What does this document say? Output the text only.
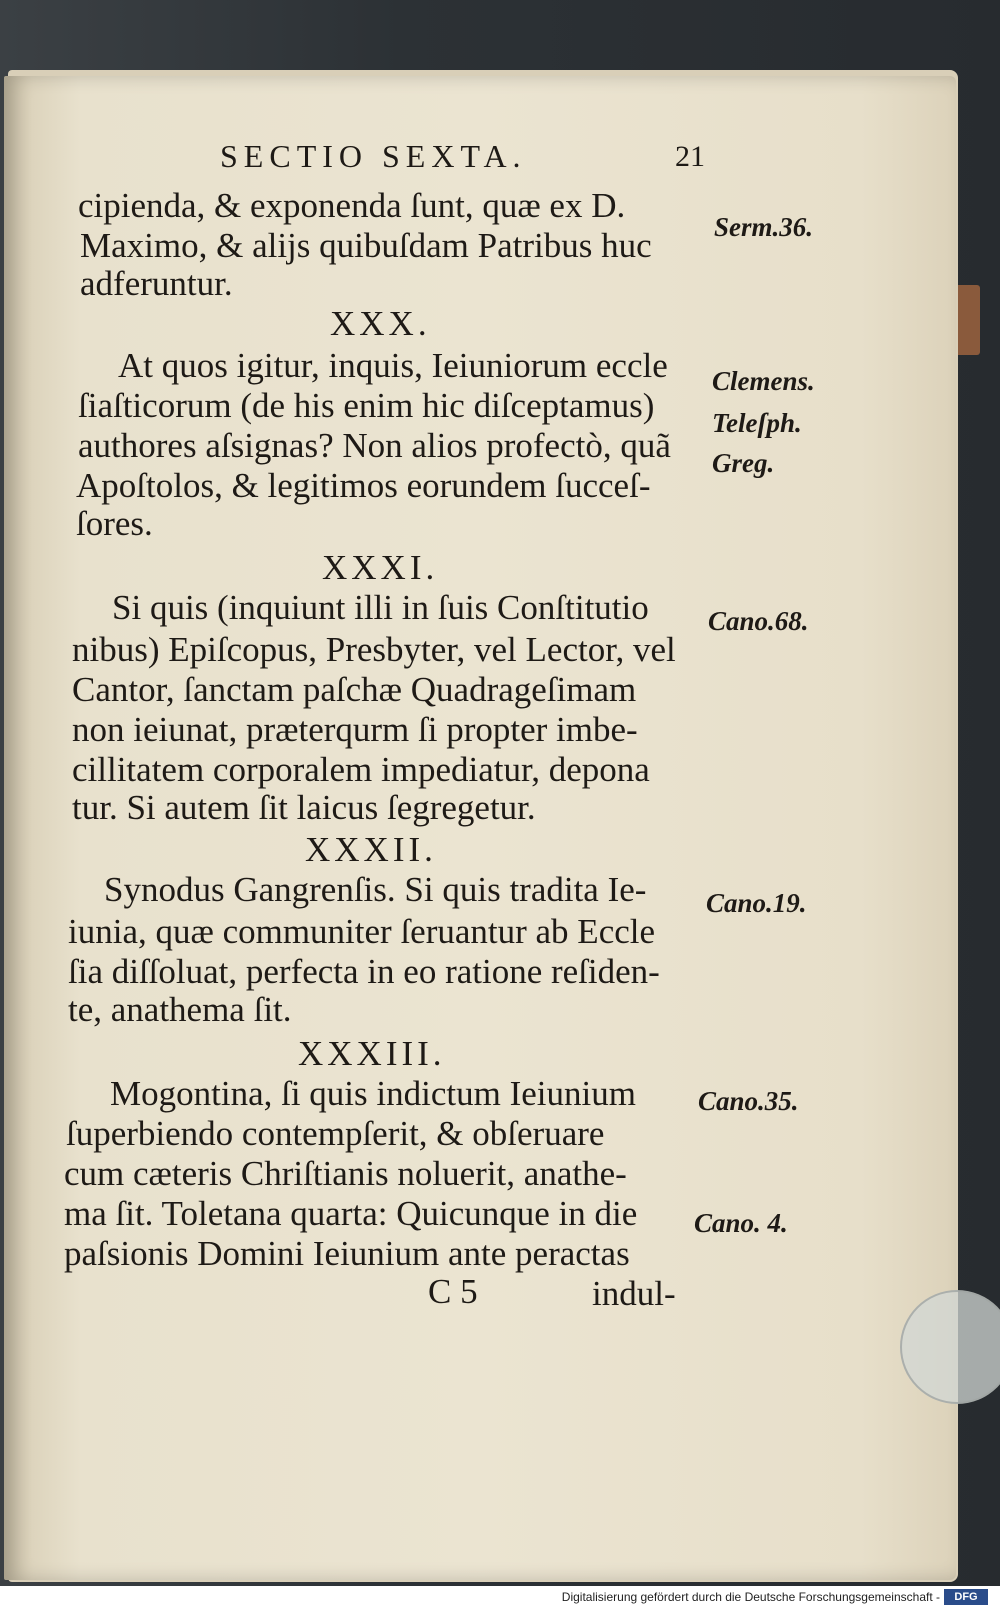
SECTIO SEXTA.	21
cipienda, & exponenda ſunt, quæ ex D.
Maximo, & alijs quibuſdam Patribus huc
adferuntur.
XXX.
At quos igitur, inquis, Ieiuniorum eccle
ſiaſticorum (de his enim hic diſceptamus)
authores aſsignas? Non alios profectò, quã
Apoſtolos, & legitimos eorundem ſucceſ-
ſores.
XXXI.
Si quis (inquiunt illi in ſuis Conſtitutio
nibus) Epiſcopus, Presbyter, vel Lector, vel
Cantor, ſanctam paſchæ Quadrageſimam
non ieiunat, præterqurm ſi propter imbe-
cillitatem corporalem impediatur, depona
tur. Si autem ſit laicus ſegregetur.
XXXII.
Synodus Gangrenſis. Si quis tradita Ie-
iunia, quæ communiter ſeruantur ab Eccle
ſia diſſoluat, perfecta in eo ratione reſiden-
te, anathema ſit.
XXXIII.
Mogontina, ſi quis indictum Ieiunium
ſuperbiendo contempſerit, & obſeruare
cum cæteris Chriſtianis noluerit, anathe-
ma ſit. Toletana quarta: Quicunque in die
paſsionis Domini Ieiunium ante peractas
C 5	indul-
Serm.36.
Clemens.
Teleſph.
Greg.
Cano.68.
Cano.19.
Cano.35.
Cano. 4.
Digitalisierung gefördert durch die Deutsche Forschungsgemeinschaft -	DFG
